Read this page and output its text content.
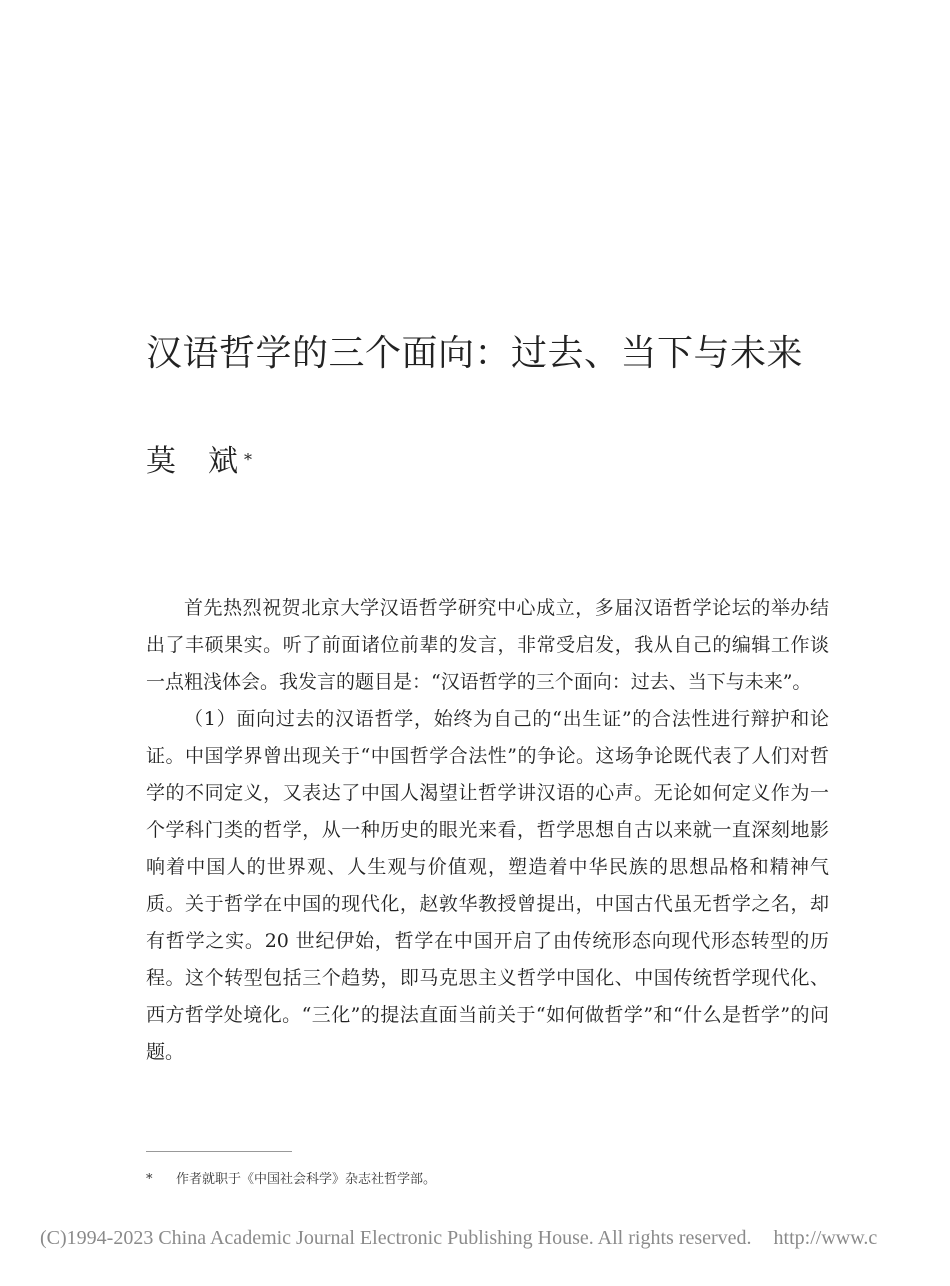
汉语哲学的三个面向：过去、当下与未来
莫 斌 *

首先热烈祝贺北京大学汉语哲学研究中心成立，多届汉语哲学论坛的举办结出了丰硕果实。听了前面诸位前辈的发言，非常受启发，我从自己的编辑工作谈一点粗浅体会。我发言的题目是：“汉语哲学的三个面向：过去、当下与未来”。

（1）面向过去的汉语哲学，始终为自己的“出生证”的合法性进行辩护和论证。中国学界曾出现关于“中国哲学合法性”的争论。这场争论既代表了人们对哲学的不同定义，又表达了中国人渴望让哲学讲汉语的心声。无论如何定义作为一个学科门类的哲学，从一种历史的眼光来看，哲学思想自古以来就一直深刻地影响着中国人的世界观、人生观与价值观，塑造着中华民族的思想品格和精神气质。关于哲学在中国的现代化，赵敦华教授曾提出，中国古代虽无哲学之名，却有哲学之实。20 世纪伊始，哲学在中国开启了由传统形态向现代形态转型的历程。这个转型包括三个趋势，即马克思主义哲学中国化、中国传统哲学现代化、西方哲学处境化。“三化”的提法直面当前关于“如何做哲学”和“什么是哲学”的问题。

* 作者就职于《中国社会科学》杂志社哲学部。
(C)1994-2023 China Academic Journal Electronic Publishing House. All rights reserved. http://www.c
